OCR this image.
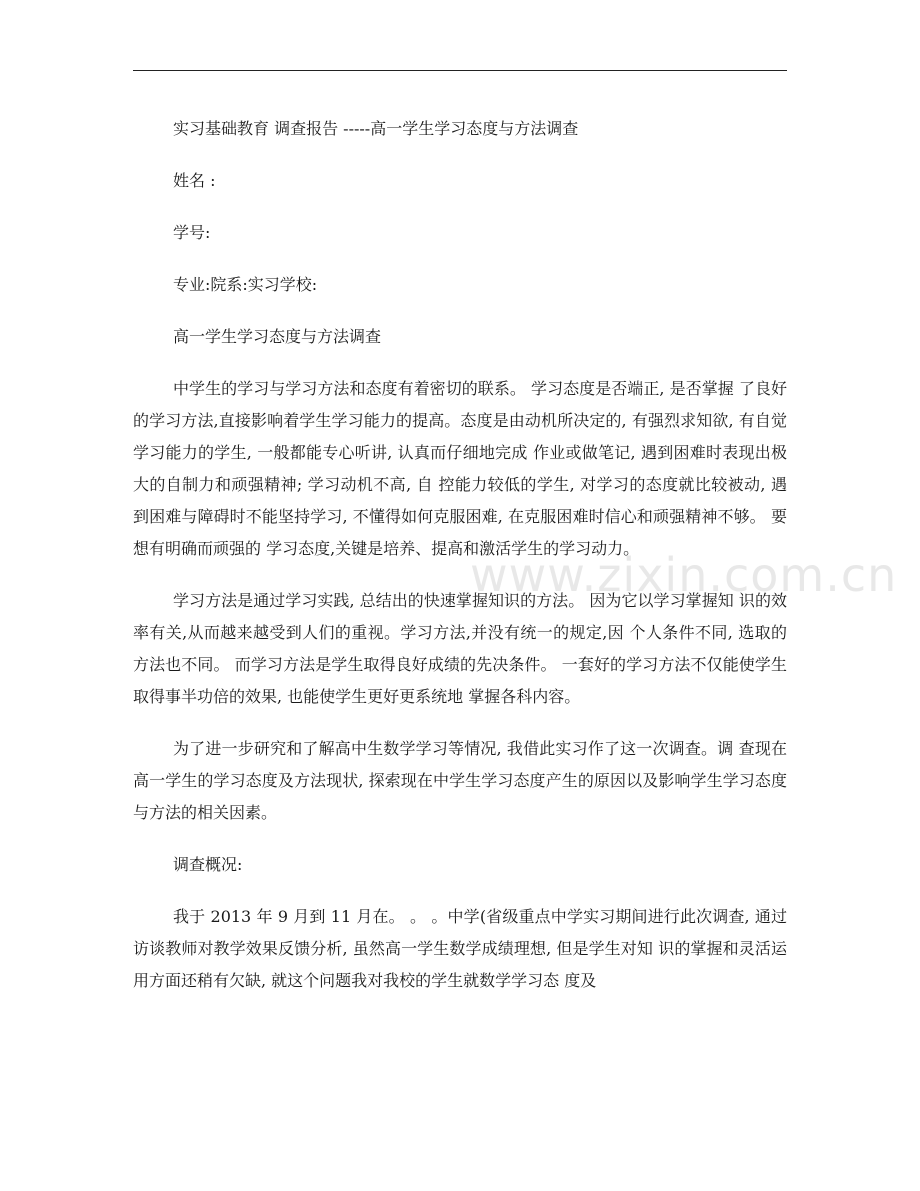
实习基础教育 调查报告 -----高一学生学习态度与方法调查
姓名 :
学号:
专业:院系:实习学校:
高一学生学习态度与方法调查

中学生的学习与学习方法和态度有着密切的联系。 学习态度是否端正, 是否掌握 了良好的学习方法,直接影响着学生学习能力的提高。态度是由动机所决定的, 有强烈求知欲, 有自觉学习能力的学生, 一般都能专心听讲, 认真而仔细地完成 作业或做笔记, 遇到困难时表现出极大的自制力和顽强精神; 学习动机不高, 自 控能力较低的学生, 对学习的态度就比较被动, 遇到困难与障碍时不能坚持学习, 不懂得如何克服困难, 在克服困难时信心和顽强精神不够。 要想有明确而顽强的 学习态度,关键是培养、提高和激活学生的学习动力。

学习方法是通过学习实践, 总结出的快速掌握知识的方法。 因为它以学习掌握知 识的效率有关,从而越来越受到人们的重视。学习方法,并没有统一的规定,因 个人条件不同, 选取的方法也不同。 而学习方法是学生取得良好成绩的先决条件。 一套好的学习方法不仅能使学生取得事半功倍的效果, 也能使学生更好更系统地 掌握各科内容。

为了进一步研究和了解高中生数学学习等情况, 我借此实习作了这一次调查。调 查现在高一学生的学习态度及方法现状, 探索现在中学生学习态度产生的原因以及影响学生学习态度与方法的相关因素。

调查概况:

我于 2013 年 9 月到 11 月在。 。 。中学(省级重点中学实习期间进行此次调查, 通过访谈教师对教学效果反馈分析, 虽然高一学生数学成绩理想, 但是学生对知 识的掌握和灵活运用方面还稍有欠缺, 就这个问题我对我校的学生就数学学习态 度及

www.zixin.com.cn
